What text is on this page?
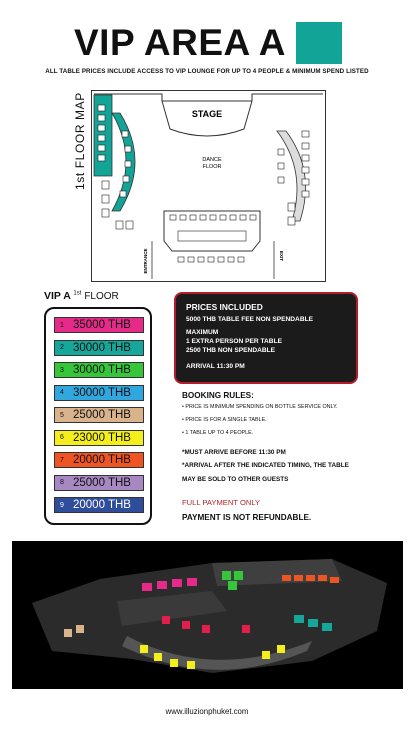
VIP AREA A
ALL TABLE PRICES INCLUDE ACCESS TO VIP LOUNGE FOR UP TO 4 PEOPLE & MINIMUM SPEND LISTED
1st FLOOR MAP	STAGE
DANCE
FLOOR
ENTRANCE	EXIT
VIP A $^{1st}$ FLOOR
1 35000 THB
2 30000 THB
3 30000 THB
4 30000 THB
5 25000 THB
6 23000 THB
7 20000 THB
8 25000 THB
9 20000 THB
PRICES INCLUDED
5000 THB TABLE FEE NON SPENDABLE
MAXIMUM
1 EXTRA PERSON PER TABLE
2500 THB NON SPENDABLE
ARRIVAL 11:30 PM
BOOKING RULES:
• PRICE IS MINIMUM SPENDING ON BOTTLE SERVICE ONLY.
• PRICE IS FOR A SINGLE TABLE.
• 1 TABLE UP TO 4 PEOPLE.
*MUST ARRIVE BEFORE 11:30 PM
*ARRIVAL AFTER THE INDICATED TIMING, THE TABLE
MAY BE SOLD TO OTHER GUESTS
FULL PAYMENT ONLY
PAYMENT IS NOT REFUNDABLE.
www.illuzionphuket.com
